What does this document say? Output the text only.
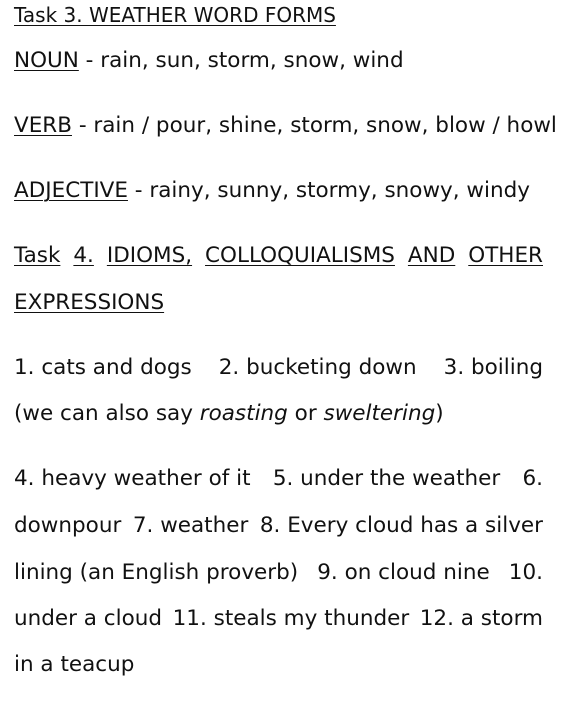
Task 3. WEATHER WORD FORMS
NOUN - rain, sun, storm, snow, wind
VERB - rain / pour, shine, storm, snow, blow / howl
ADJECTIVE - rainy, sunny, stormy, snowy, windy
Task 4. IDIOMS, COLLOQUIALISMS AND OTHER
EXPRESSIONS
1. cats and dogs 2. bucketing down 3. boiling
(we can also say roasting or sweltering)
4. heavy weather of it 5. under the weather 6.
downpour 7. weather 8. Every cloud has a silver
lining (an English proverb) 9. on cloud nine 10.
under a cloud 11. steals my thunder 12. a storm
in a teacup
